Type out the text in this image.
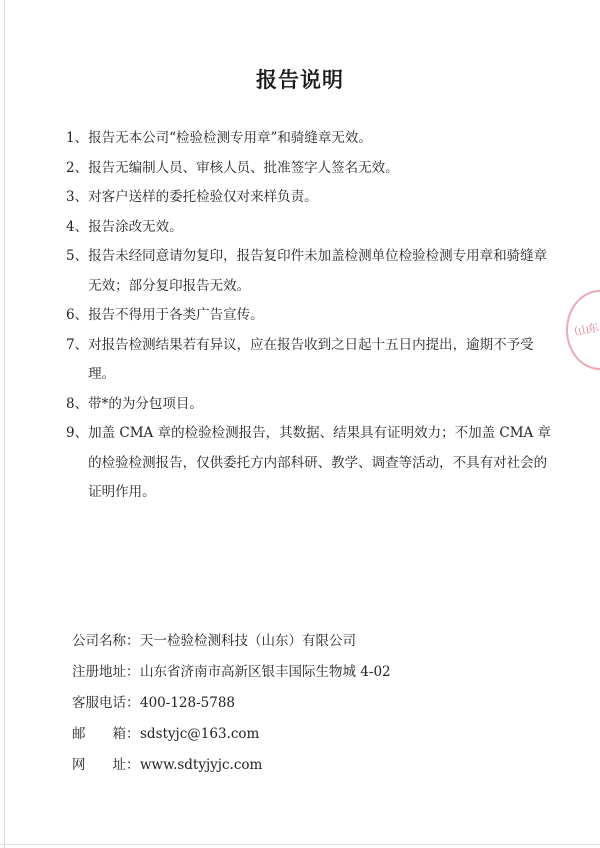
报告说明
1、 报告无本公司“检验检测专用章”和骑缝章无效。
2、 报告无编制人员、审核人员、批准签字人签名无效。
3、 对客户送样的委托检验仅对来样负责。
4、 报告涂改无效。
5、 报告未经同意请勿复印，报告复印件未加盖检测单位检验检测专用章和骑缝章无效；部分复印报告无效。
6、 报告不得用于各类广告宣传。
7、 对报告检测结果若有异议，应在报告收到之日起十五日内提出，逾期不予受理。
8、 带*的为分包项目。
9、 加盖 CMA 章的检验检测报告，其数据、结果具有证明效力；不加盖 CMA 章的检验检测报告，仅供委托方内部科研、教学、调查等活动，不具有对社会的证明作用。
公司名称： 天一检验检测科技（山东）有限公司
注册地址： 山东省济南市高新区银丰国际生物城 4-02
客服电话： 400-128-5788
邮　　箱： sdstyjc@163.com
网　　址： www.sdtyjyjc.com
（山东
